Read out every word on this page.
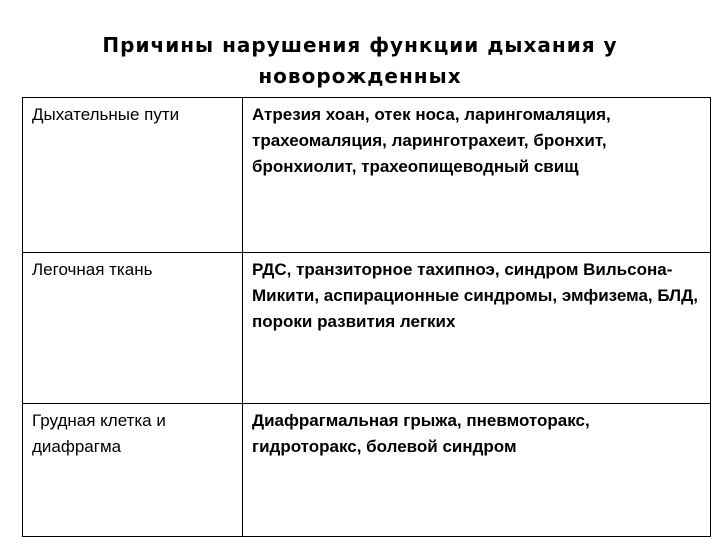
Причины нарушения функции дыхания у
новорожденных
Дыхательные пути	Атрезия хоан, отек носа, ларингомаляция, трахеомаляция, ларинготрахеит, бронхит, бронхиолит, трахеопищеводный свищ
Легочная ткань	РДС, транзиторное тахипноэ, синдром Вильсона-Микити, аспирационные синдромы, эмфизема, БЛД, пороки развития легких
Грудная клетка и диафрагма	Диафрагмальная грыжа, пневмоторакс, гидроторакс, болевой синдром
